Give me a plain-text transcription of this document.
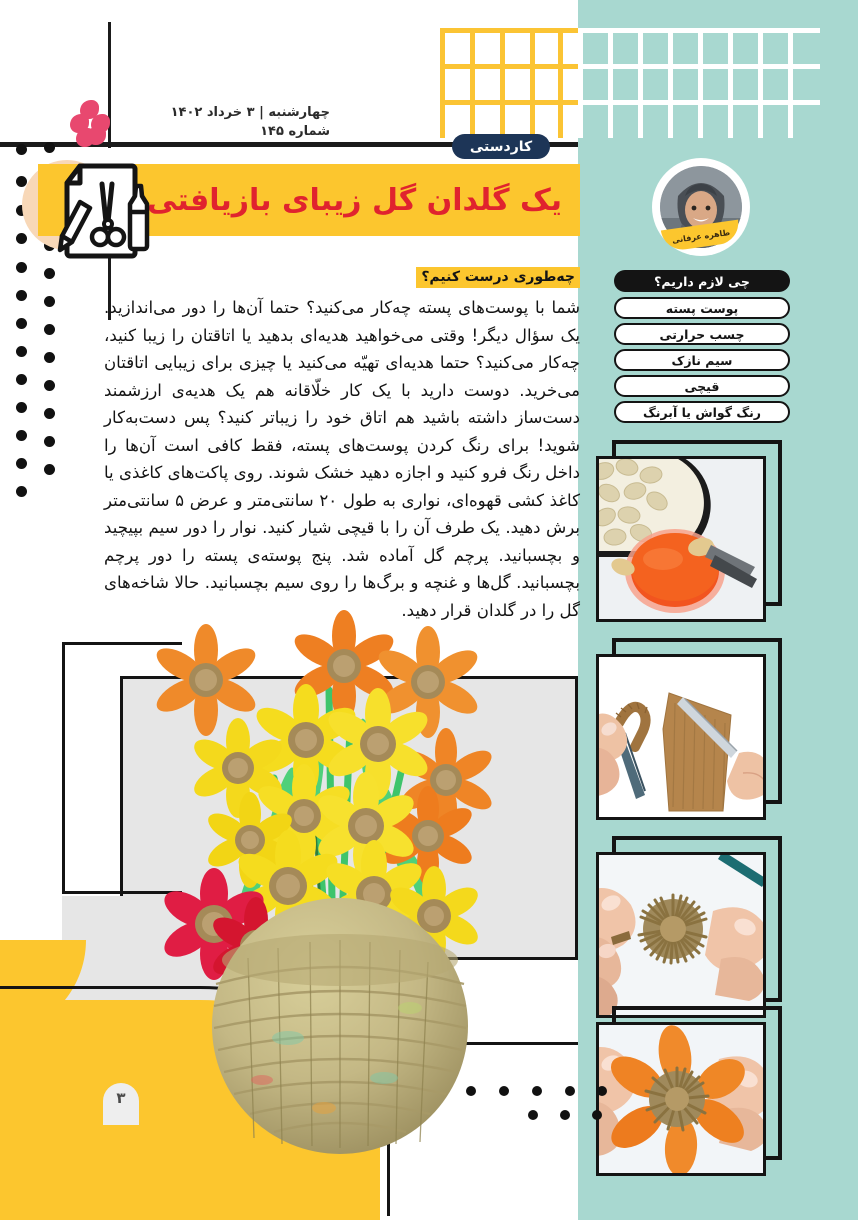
چهارشنبه | ۳ خرداد ۱۴۰۲
شماره ۱۴۵
کاردستی
یک گلدان گل زیبای بازیافتی
طاهره عرفانی
چی لازم داریم؟
پوست پسته
چسب حرارتی
سیم نازک
قیچی
رنگ گواش یا آبرنگ
چه‌طوری درست کنیم؟
شما با پوست‌های پسته چه‌کار می‌کنید؟ حتما آن‌ها را دور می‌اندازید. یک سؤال دیگر! وقتی می‌خواهید هدیه‌ای بدهید یا اتاقتان را زیبا کنید، چه‌کار می‌کنید؟ حتما هدیه‌ای تهیّه می‌کنید یا چیزی برای زیبایی اتاقتان می‌خرید. دوست دارید با یک کار خلّاقانه هم یک هدیه‌ی ارزشمند دست‌ساز داشته باشید هم اتاق خود را زیباتر کنید؟ پس دست‌به‌کار شوید! برای رنگ کردن پوست‌های پسته، فقط کافی است آن‌ها را داخل رنگ فرو کنید و اجازه دهید خشک شوند. روی پاکت‌های کاغذی یا کاغذ کشی قهوه‌ای، نواری به طول ۲۰ سانتی‌متر و عرض ۵ سانتی‌متر برش دهید. یک طرف آن را با قیچی شیار کنید. نوار را دور سیم بپیچید و بچسبانید. پرچم گل آماده شد. پنج پوسته‌ی پسته را دور پرچم بچسبانید. گل‌ها و غنچه و برگ‌ها را روی سیم بچسبانید. حالا شاخه‌های گل را در گلدان قرار دهید.
۳
